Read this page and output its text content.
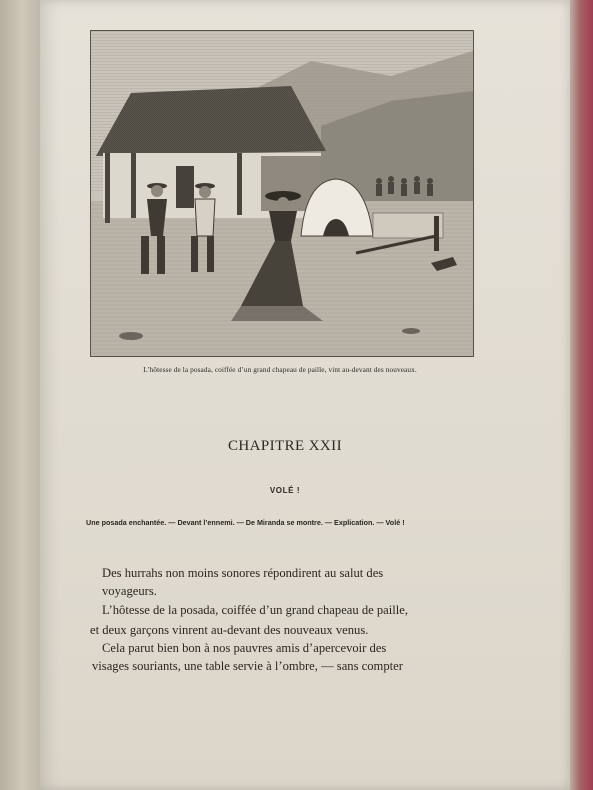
L’hôtesse de la posada, coiffée d’un grand chapeau de paille, vint au-devant des nouveaux.
CHAPITRE XXII
VOLÉ !
Une posada enchantée. — Devant l’ennemi. — De Miranda se montre. — Explication. — Volé !
Des hurrahs non moins sonores répondirent au salut des
voyageurs.
L’hôtesse de la posada, coiffée d’un grand chapeau de paille,
et deux garçons vinrent au-devant des nouveaux venus.
Cela parut bien bon à nos pauvres amis d’apercevoir des
visages souriants, une table servie à l’ombre, — sans compter
